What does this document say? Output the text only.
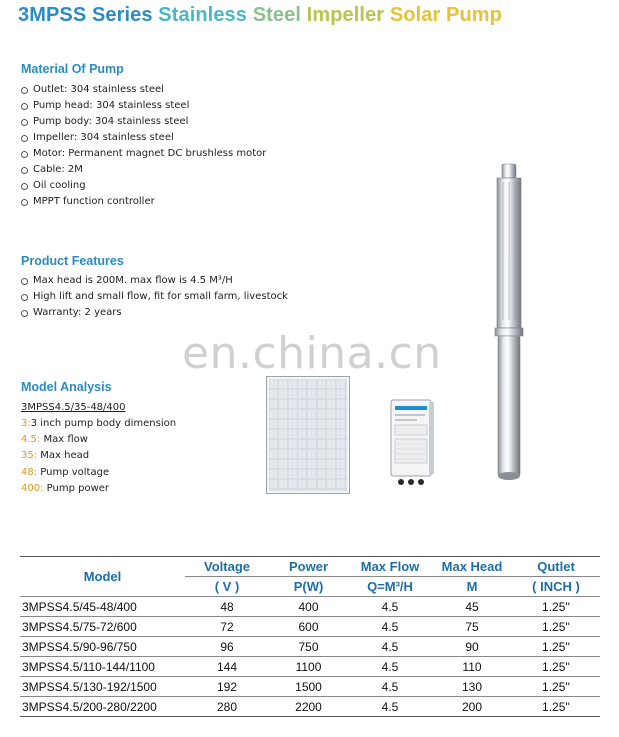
3MPSS Series Stainless Steel Impeller Solar Pump
Material Of Pump
Outlet: 304 stainless steel
Pump head: 304 stainless steel
Pump body: 304 stainless steel
Impeller: 304 stainless steel
Motor: Permanent magnet DC brushless motor
Cable: 2M
Oil cooling
MPPT function controller
Product Features
Max head is 200M. max flow is 4.5 M³/H
High lift and small flow, fit for small farm, livestock
Warranty: 2 years
Model Analysis
3MPSS4.5/35-48/400
3:3 inch pump body dimension
4.5: Max flow
35: Max head
48: Pump voltage
400: Pump power
en.china.cn
Model	Voltage	Power	Max Flow	Max Head	Qutlet
	( V )	P(W)	Q=M³/H	M	( INCH )
3MPSS4.5/45-48/400	48	400	4.5	45	1.25''
3MPSS4.5/75-72/600	72	600	4.5	75	1.25''
3MPSS4.5/90-96/750	96	750	4.5	90	1.25''
3MPSS4.5/110-144/1100	144	1100	4.5	110	1.25''
3MPSS4.5/130-192/1500	192	1500	4.5	130	1.25''
3MPSS4.5/200-280/2200	280	2200	4.5	200	1.25''
